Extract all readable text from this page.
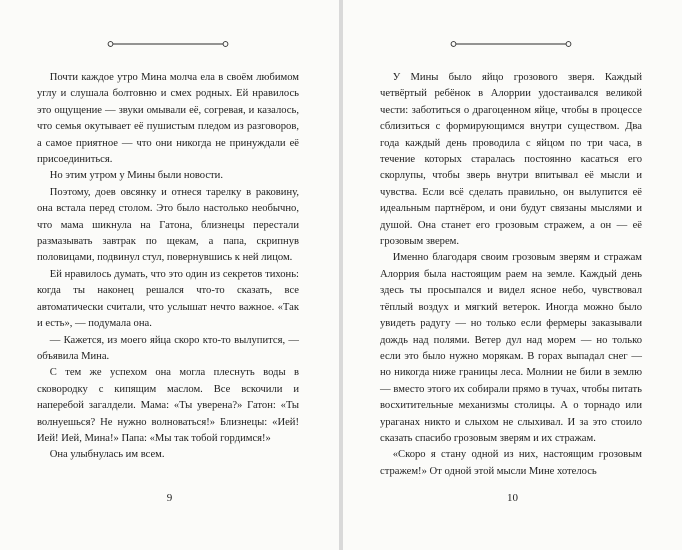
Почти каждое утро Мина молча ела в своём любимом углу и слушала болтовню и смех родных. Ей нравилось это ощущение — звуки омывали её, согревая, и казалось, что семья окутывает её пушистым пледом из разговоров, а самое приятное — что они никогда не принуждали её присоединиться.

Но этим утром у Мины были новости.

Поэтому, доев овсянку и отнеся тарелку в раковину, она встала перед столом. Это было настолько необычно, что мама шикнула на Гатона, близнецы перестали размазывать завтрак по щекам, а папа, скрипнув половицами, подвинул стул, повернувшись к ней лицом.

Ей нравилось думать, что это один из секретов тихонь: когда ты наконец решался что-то сказать, все автоматически считали, что услышат нечто важное. «Так и есть», — подумала она.

— Кажется, из моего яйца скоро кто-то вылупится, — объявила Мина.

С тем же успехом она могла плеснуть воды в сковородку с кипящим маслом. Все вскочили и наперебой загалдели. Мама: «Ты уверена?» Гатон: «Ты волнуешься? Не нужно волноваться!» Близнецы: «Ией! Ией! Ией, Мина!» Папа: «Мы так тобой гордимся!»

Она улыбнулась им всем.

9

У Мины было яйцо грозового зверя. Каждый четвёртый ребёнок в Алоррии удостаивался великой чести: заботиться о драгоценном яйце, чтобы в процессе сблизиться с формирующимся внутри существом. Два года каждый день проводила с яйцом по три часа, в течение которых старалась постоянно касаться его скорлупы, чтобы зверь внутри впитывал её мысли и чувства. Если всё сделать правильно, он вылупится её идеальным партнёром, и они будут связаны мыслями и душой. Она станет его грозовым стражем, а он — её грозовым зверем.

Именно благодаря своим грозовым зверям и стражам Алоррия была настоящим раем на земле. Каждый день здесь ты просыпался и видел ясное небо, чувствовал тёплый воздух и мягкий ветерок. Иногда можно было увидеть радугу — но только если фермеры заказывали дождь над полями. Ветер дул над морем — но только если это было нужно морякам. В горах выпадал снег — но никогда ниже границы леса. Молнии не били в землю — вместо этого их собирали прямо в тучах, чтобы питать восхитительные механизмы столицы. А о торнадо или ураганах никто и слыхом не слыхивал. И за это стоило сказать спасибо грозовым зверям и их стражам.

«Скоро я стану одной из них, настоящим грозовым стражем!» От одной этой мысли Мине хотелось

10
